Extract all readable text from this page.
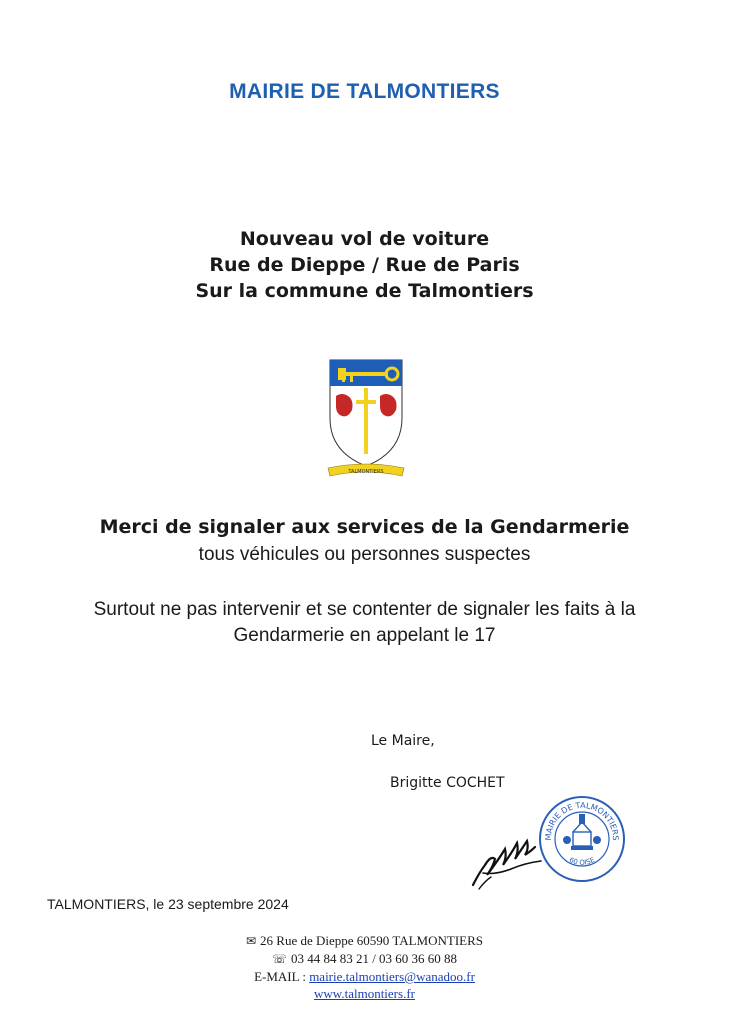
MAIRIE DE TALMONTIERS
Nouveau vol de voiture
Rue de Dieppe / Rue de Paris
Sur la commune de Talmontiers
TALMONTIERS
Merci de signaler aux services de la Gendarmerie
tous véhicules ou personnes suspectes
Surtout ne pas intervenir et se contenter de signaler les faits à la
Gendarmerie en appelant le 17
Le Maire,
Brigitte COCHET
MAIRIE DE TALMONTIERS
60 OISE
TALMONTIERS, le 23 septembre 2024
✉ 26 Rue de Dieppe 60590 TALMONTIERS
☏ 03 44 84 83 21 / 03 60 36 60 88
E-MAIL : mairie.talmontiers@wanadoo.fr
www.talmontiers.fr
